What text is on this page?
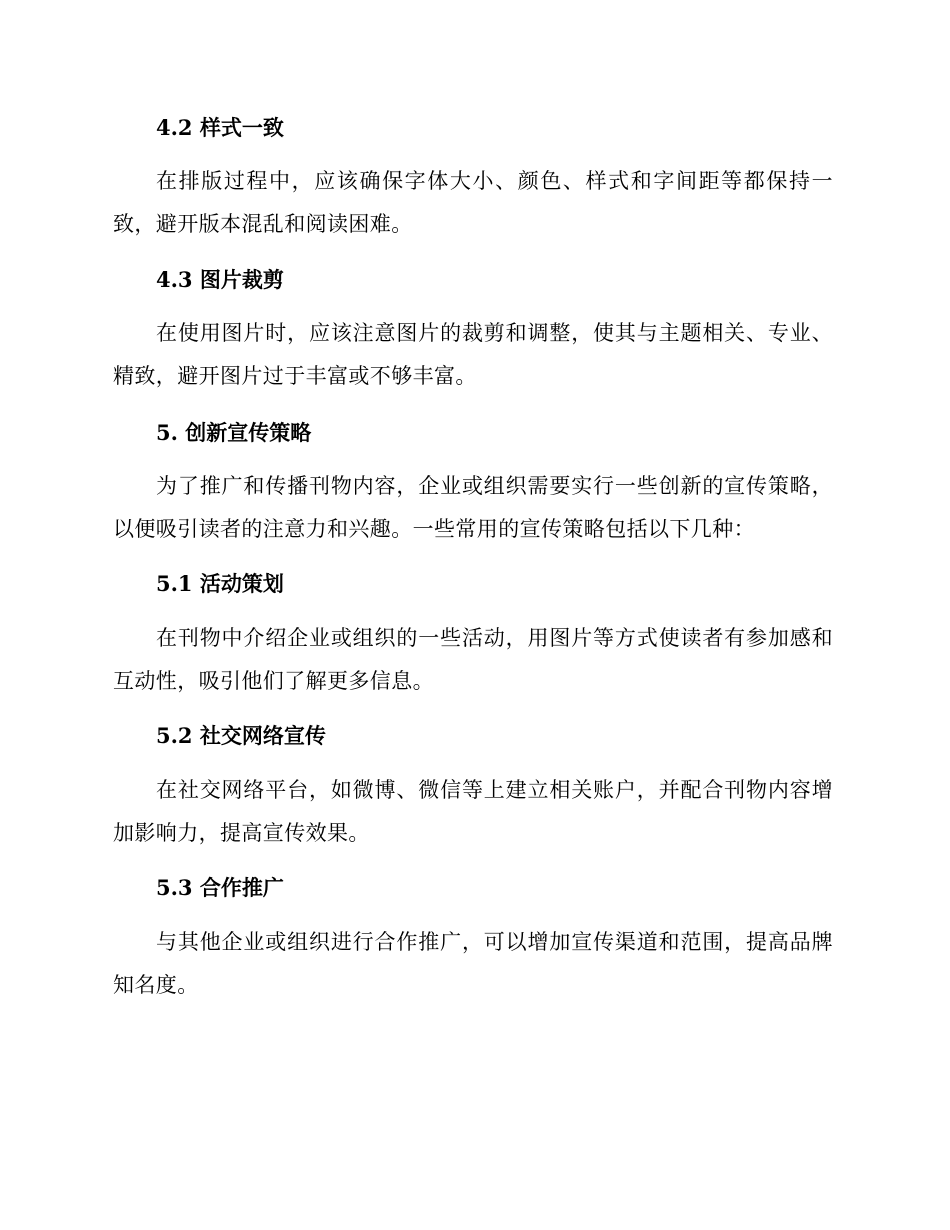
4.2 样式一致
在排版过程中，应该确保字体大小、颜色、样式和字间距等都保持一致，避开版本混乱和阅读困难。
4.3 图片裁剪
在使用图片时，应该注意图片的裁剪和调整，使其与主题相关、专业、精致，避开图片过于丰富或不够丰富。
5. 创新宣传策略
为了推广和传播刊物内容，企业或组织需要实行一些创新的宣传策略，以便吸引读者的注意力和兴趣。一些常用的宣传策略包括以下几种：
5.1 活动策划
在刊物中介绍企业或组织的一些活动，用图片等方式使读者有参加感和互动性，吸引他们了解更多信息。
5.2 社交网络宣传
在社交网络平台，如微博、微信等上建立相关账户，并配合刊物内容增加影响力，提高宣传效果。
5.3 合作推广
与其他企业或组织进行合作推广，可以增加宣传渠道和范围，提高品牌知名度。
